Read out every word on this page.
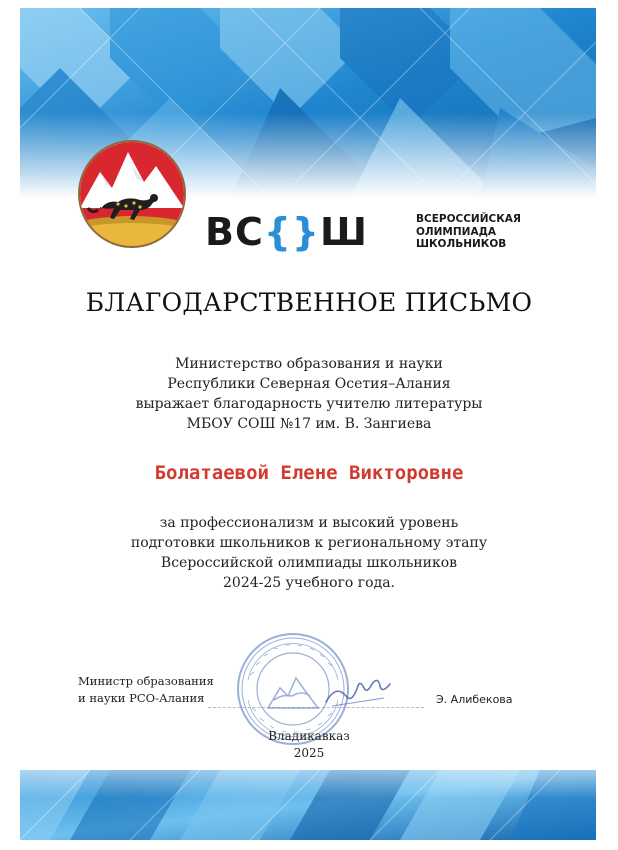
ВС{}Ш	ВСЕРОССИЙСКАЯ
ОЛИМПИАДА
ШКОЛЬНИКОВ
БЛАГОДАРСТВЕННОЕ ПИСЬМО
Министерство образования и науки
Республики Северная Осетия–Алания
выражает благодарность учителю литературы
МБОУ СОШ №17 им. В. Зангиева
Болатаевой Елене Викторовне
за профессионализм и высокий уровень
подготовки школьников к региональному этапу
Всероссийской олимпиады школьников
2024-25 учебного года.
Министр образования
и науки РСО-Алания	Э. Алибекова
Владикавказ
2025
